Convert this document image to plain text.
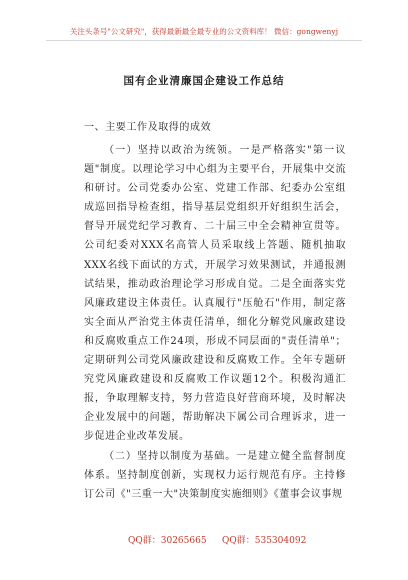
关注头条号"公文研究"，获得最新最全最专业的公文资料库！ 微信：gongwenyj
国有企业清廉国企建设工作总结
一、主要工作及取得的成效

（一）坚持以政治为统领。一是严格落实"第一议题"制度。以理论学习中心组为主要平台，开展集中交流和研讨。公司党委办公室、党建工作部、纪委办公室组成巡回指导检查组，指导基层党组织开好组织生活会，督导开展党纪学习教育、二十届三中全会精神宣贯等。公司纪委对XXX名高管人员采取线上答题、随机抽取XXX名线下面试的方式，开展学习效果测试，并通报测试结果，推动政治理论学习形成自觉。二是全面落实党风廉政建设主体责任。认真履行"压舱石"作用，制定落实全面从严治党主体责任清单，细化分解党风廉政建设和反腐败重点工作24项，形成不同层面的"责任清单"；定期研判公司党风廉政建设和反腐败工作。全年专题研究党风廉政建设和反腐败工作议题12个。积极沟通汇报，争取理解支持，努力营造良好营商环境，及时解决企业发展中的问题，帮助解决下属公司合理诉求，进一步促进企业改革发展。

（二）坚持以制度为基础。一是建立健全监督制度体系。坚持制度创新，实现权力运行规范有序。主持修订公司《"三重一大"决策制度实施细则》《董事会议事规

QQ群：30265665 QQ群：535304092
